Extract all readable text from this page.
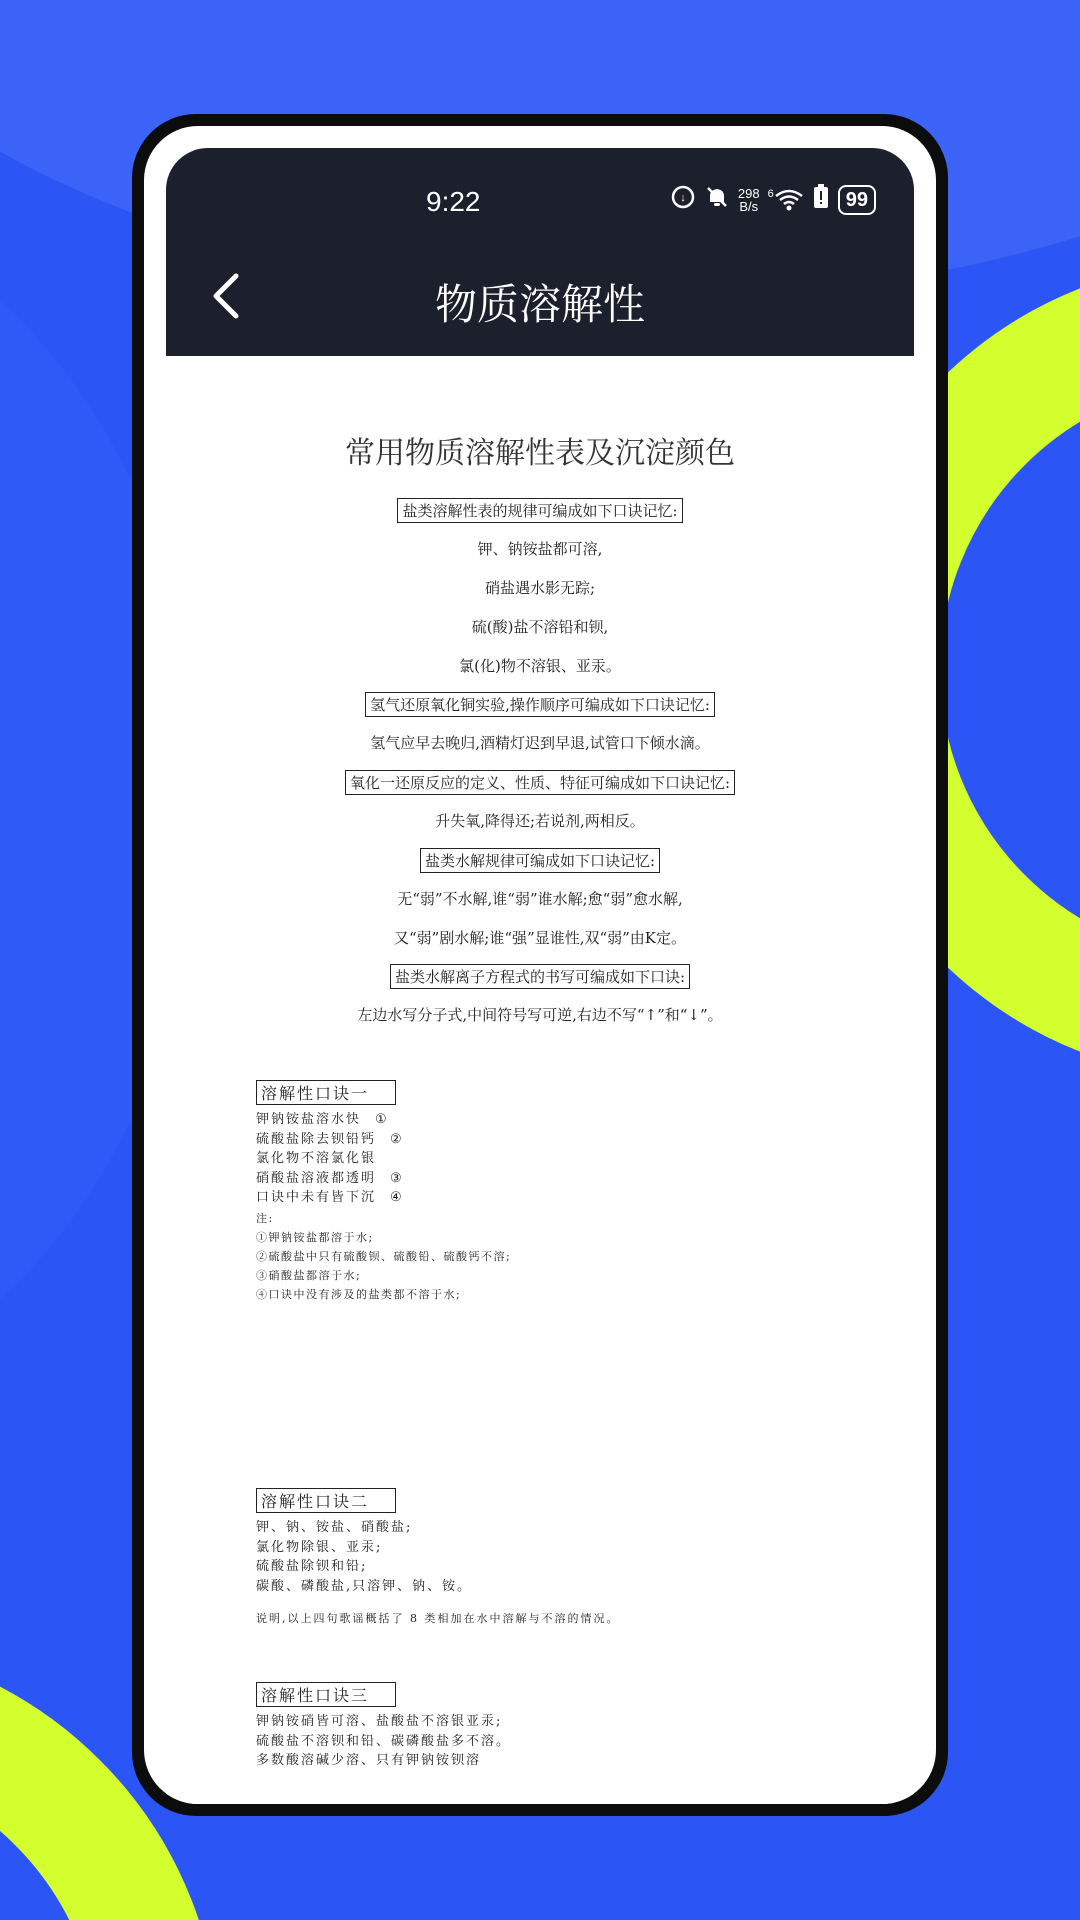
9:22	↓	298
B/s
6	99
物质溶解性
常用物质溶解性表及沉淀颜色
盐类溶解性表的规律可编成如下口诀记忆:
钾、钠铵盐都可溶,
硝盐遇水影无踪;
硫(酸)盐不溶铅和钡,
氯(化)物不溶银、亚汞。
氢气还原氧化铜实验,操作顺序可编成如下口诀记忆:
氢气应早去晚归,酒精灯迟到早退,试管口下倾水滴。
氧化一还原反应的定义、性质、特征可编成如下口诀记忆:
升失氧,降得还;若说剂,两相反。
盐类水解规律可编成如下口诀记忆:
无“弱”不水解,谁“弱”谁水解;愈“弱”愈水解,
又“弱”剧水解;谁“强”显谁性,双“弱”由K定。
盐类水解离子方程式的书写可编成如下口诀:
左边水写分子式,中间符号写可逆,右边不写“↑”和“↓”。
溶解性口诀一
钾钠铵盐溶水快 ①
硫酸盐除去钡铅钙 ②
氯化物不溶氯化银
硝酸盐溶液都透明 ③
口诀中未有皆下沉 ④
注:
①钾钠铵盐都溶于水;
②硫酸盐中只有硫酸钡、硫酸铅、硫酸钙不溶;
③硝酸盐都溶于水;
④口诀中没有涉及的盐类都不溶于水;
溶解性口诀二
钾、钠、铵盐、硝酸盐;
氯化物除银、亚汞;
硫酸盐除钡和铅;
碳酸、磷酸盐,只溶钾、钠、铵。
说明,以上四句歌谣概括了 8 类相加在水中溶解与不溶的情况。
溶解性口诀三
钾钠铵硝皆可溶、盐酸盐不溶银亚汞;
硫酸盐不溶钡和铅、碳磷酸盐多不溶。
多数酸溶碱少溶、只有钾钠铵钡溶
